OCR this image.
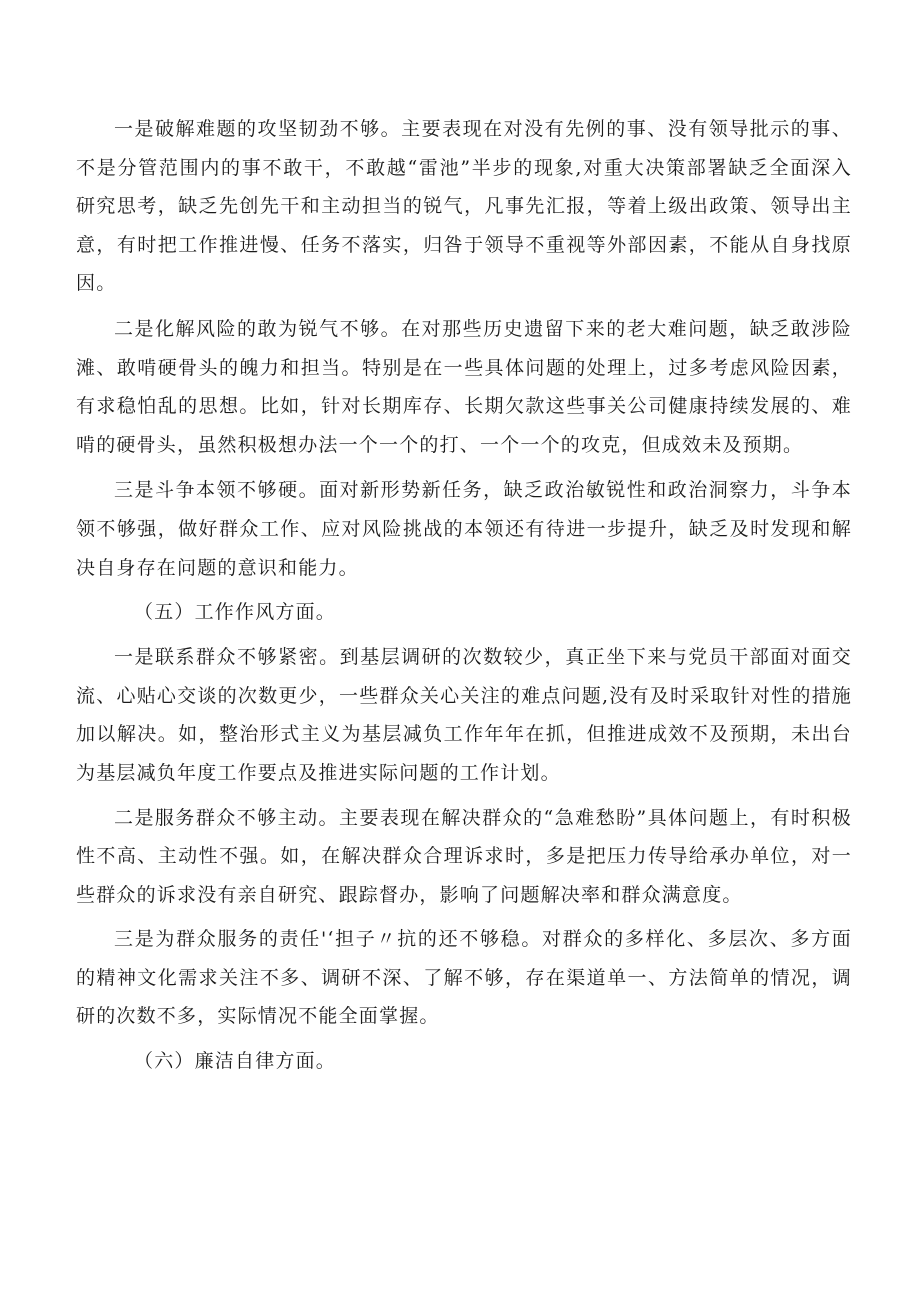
一是破解难题的攻坚韧劲不够。主要表现在对没有先例的事、没有领导批示的事、不是分管范围内的事不敢干，不敢越“雷池”半步的现象,对重大决策部署缺乏全面深入研究思考，缺乏先创先干和主动担当的锐气，凡事先汇报，等着上级出政策、领导出主意，有时把工作推进慢、任务不落实，归咎于领导不重视等外部因素，不能从自身找原因。

二是化解风险的敢为锐气不够。在对那些历史遗留下来的老大难问题，缺乏敢涉险滩、敢啃硬骨头的魄力和担当。特别是在一些具体问题的处理上，过多考虑风险因素，有求稳怕乱的思想。比如，针对长期库存、长期欠款这些事关公司健康持续发展的、难啃的硬骨头，虽然积极想办法一个一个的打、一个一个的攻克，但成效未及预期。

三是斗争本领不够硬。面对新形势新任务，缺乏政治敏锐性和政治洞察力，斗争本领不够强，做好群众工作、应对风险挑战的本领还有待进一步提升，缺乏及时发现和解决自身存在问题的意识和能力。

（五）工作作风方面。

一是联系群众不够紧密。到基层调研的次数较少，真正坐下来与党员干部面对面交流、心贴心交谈的次数更少，一些群众关心关注的难点问题,没有及时采取针对性的措施加以解决。如，整治形式主义为基层减负工作年年在抓，但推进成效不及预期，未出台为基层减负年度工作要点及推进实际问题的工作计划。

二是服务群众不够主动。主要表现在解决群众的“急难愁盼”具体问题上，有时积极性不高、主动性不强。如，在解决群众合理诉求时，多是把压力传导给承办单位，对一些群众的诉求没有亲自研究、跟踪督办，影响了问题解决率和群众满意度。

三是为群众服务的责任'‘担子〃抗的还不够稳。对群众的多样化、多层次、多方面的精神文化需求关注不多、调研不深、了解不够，存在渠道单一、方法简单的情况，调研的次数不多，实际情况不能全面掌握。

（六）廉洁自律方面。
